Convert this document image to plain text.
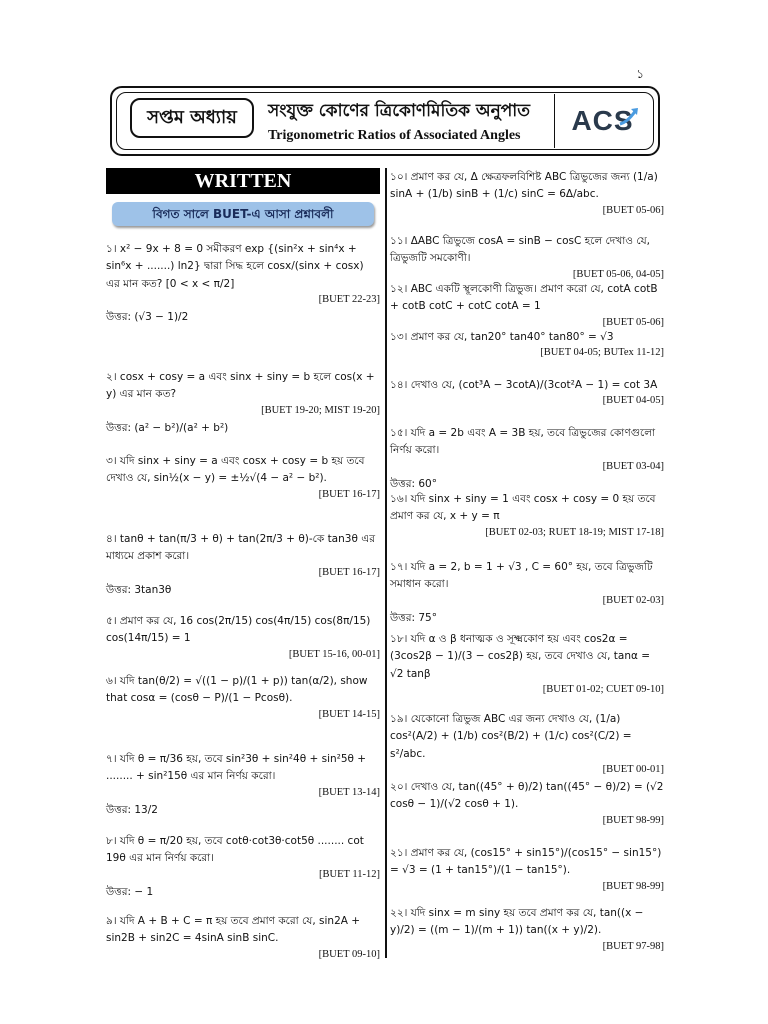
১
সপ্তম অধ্যায়	সংযুক্ত কোণের ত্রিকোণমিতিক অনুপাত
Trigonometric Ratios of Associated Angles ACS
WRITTEN
বিগত সালে BUET-এ আসা প্রশ্নাবলী
১। x² − 9x + 8 = 0 সমীকরণ exp {(sin²x + sin⁴x + sin⁶x + .......) ln2} দ্বারা সিদ্ধ হলে cosx/(sinx + cosx) এর মান কত? [0 < x < π/2]
[BUET 22-23]
উত্তর: (√3 − 1)/2
২। cosx + cosy = a এবং sinx + siny = b হলে cos(x + y) এর মান কত?
[BUET 19-20; MIST 19-20]
উত্তর: (a² − b²)/(a² + b²)
৩। যদি sinx + siny = a এবং cosx + cosy = b হয় তবে দেখাও যে, sin½(x − y) = ±½√(4 − a² − b²).
[BUET 16-17]
৪। tanθ + tan(π/3 + θ) + tan(2π/3 + θ)-কে tan3θ এর মাধ্যমে প্রকাশ করো।
[BUET 16-17]
উত্তর: 3tan3θ
৫। প্রমাণ কর যে, 16 cos(2π/15) cos(4π/15) cos(8π/15) cos(14π/15) = 1
[BUET 15-16, 00-01]
৬। যদি tan(θ/2) = √((1 − p)/(1 + p)) tan(α/2), show that cosα = (cosθ − P)/(1 − Pcosθ).
[BUET 14-15]
৭। যদি θ = π/36 হয়, তবে sin²3θ + sin²4θ + sin²5θ + ........ + sin²15θ এর মান নির্ণয় করো।
[BUET 13-14]
উত্তর: 13/2
৮। যদি θ = π/20 হয়, তবে cotθ·cot3θ·cot5θ ........ cot 19θ এর মান নির্ণয় করো।
[BUET 11-12]
উত্তর: − 1
৯। যদি A + B + C = π হয় তবে প্রমাণ করো যে, sin2A + sin2B + sin2C = 4sinA sinB sinC.
[BUET 09-10]
১০। প্রমাণ কর যে, Δ ক্ষেত্রফলবিশিষ্ট ABC ত্রিভুজের জন্য (1/a) sinA + (1/b) sinB + (1/c) sinC = 6Δ/abc.
[BUET 05-06]
১১। ΔABC ত্রিভুজে cosA = sinB − cosC হলে দেখাও যে, ত্রিভুজটি সমকোণী।
[BUET 05-06, 04-05]
১২। ABC একটি স্থূলকোণী ত্রিভুজ। প্রমাণ করো যে, cotA cotB + cotB cotC + cotC cotA = 1
[BUET 05-06]
১৩। প্রমাণ কর যে, tan20° tan40° tan80° = √3
[BUET 04-05; BUTex 11-12]
১৪। দেখাও যে, (cot³A − 3cotA)/(3cot²A − 1) = cot 3A
[BUET 04-05]
১৫। যদি a = 2b এবং A = 3B হয়, তবে ত্রিভুজের কোণগুলো নির্ণয় করো।
[BUET 03-04]
উত্তর: 60°
১৬। যদি sinx + siny = 1 এবং cosx + cosy = 0 হয় তবে প্রমাণ কর যে, x + y = π
[BUET 02-03; RUET 18-19; MIST 17-18]
১৭। যদি a = 2, b = 1 + √3 , C = 60° হয়, তবে ত্রিভুজটি সমাধান করো।
[BUET 02-03]
উত্তর: 75°
১৮। যদি α ও β ধনাত্মক ও সূক্ষ্মকোণ হয় এবং cos2α = (3cos2β − 1)/(3 − cos2β) হয়, তবে দেখাও যে, tanα = √2 tanβ
[BUET 01-02; CUET 09-10]
১৯। যেকোনো ত্রিভুজ ABC এর জন্য দেখাও যে, (1/a) cos²(A/2) + (1/b) cos²(B/2) + (1/c) cos²(C/2) = s²/abc.
[BUET 00-01]
২০। দেখাও যে, tan((45° + θ)/2) tan((45° − θ)/2) = (√2 cosθ − 1)/(√2 cosθ + 1).
[BUET 98-99]
২১। প্রমাণ কর যে, (cos15° + sin15°)/(cos15° − sin15°) = √3 = (1 + tan15°)/(1 − tan15°).
[BUET 98-99]
২২। যদি sinx = m siny হয় তবে প্রমাণ কর যে, tan((x − y)/2) = ((m − 1)/(m + 1)) tan((x + y)/2).
[BUET 97-98]
